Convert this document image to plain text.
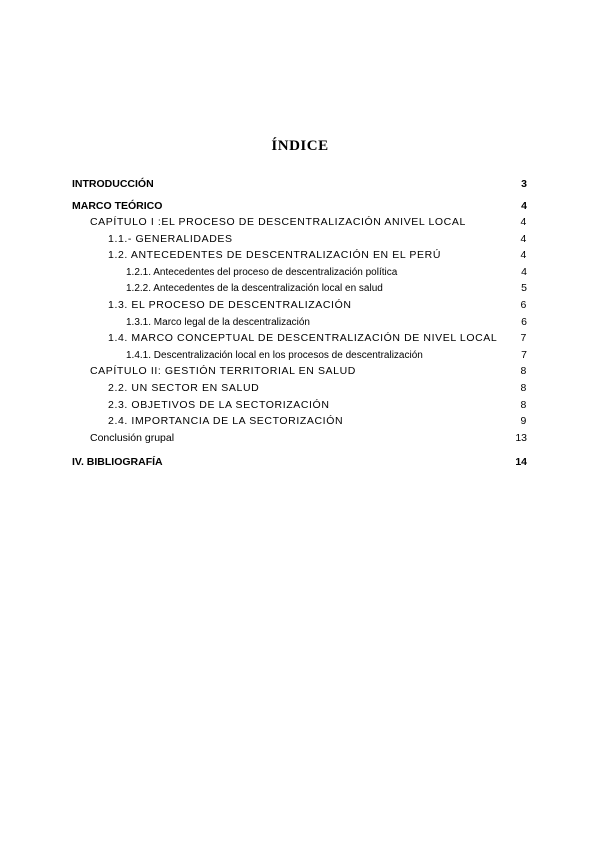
ÍNDICE
INTRODUCCIÓN	3
MARCO TEÓRICO	4
CAPÍTULO I :EL PROCESO DE DESCENTRALIZACIÓN ANIVEL LOCAL	4
1.1.- GENERALIDADES	4
1.2. ANTECEDENTES DE DESCENTRALIZACIÓN EN EL PERÚ	4
1.2.1. Antecedentes del proceso de descentralización política	4
1.2.2. Antecedentes de la descentralización local en salud	5
1.3. EL PROCESO DE DESCENTRALIZACIÓN	6
1.3.1. Marco legal de la descentralización	6
1.4. MARCO CONCEPTUAL DE DESCENTRALIZACIÓN DE NIVEL LOCAL 7
1.4.1. Descentralización local en los procesos de descentralización	7
CAPÍTULO II: GESTIÓN TERRITORIAL EN SALUD	8
2.2. UN SECTOR EN SALUD	8
2.3. OBJETIVOS DE LA SECTORIZACIÓN	8
2.4. IMPORTANCIA DE LA SECTORIZACIÓN	9
Conclusión grupal	13
IV. BIBLIOGRAFÍA	14
